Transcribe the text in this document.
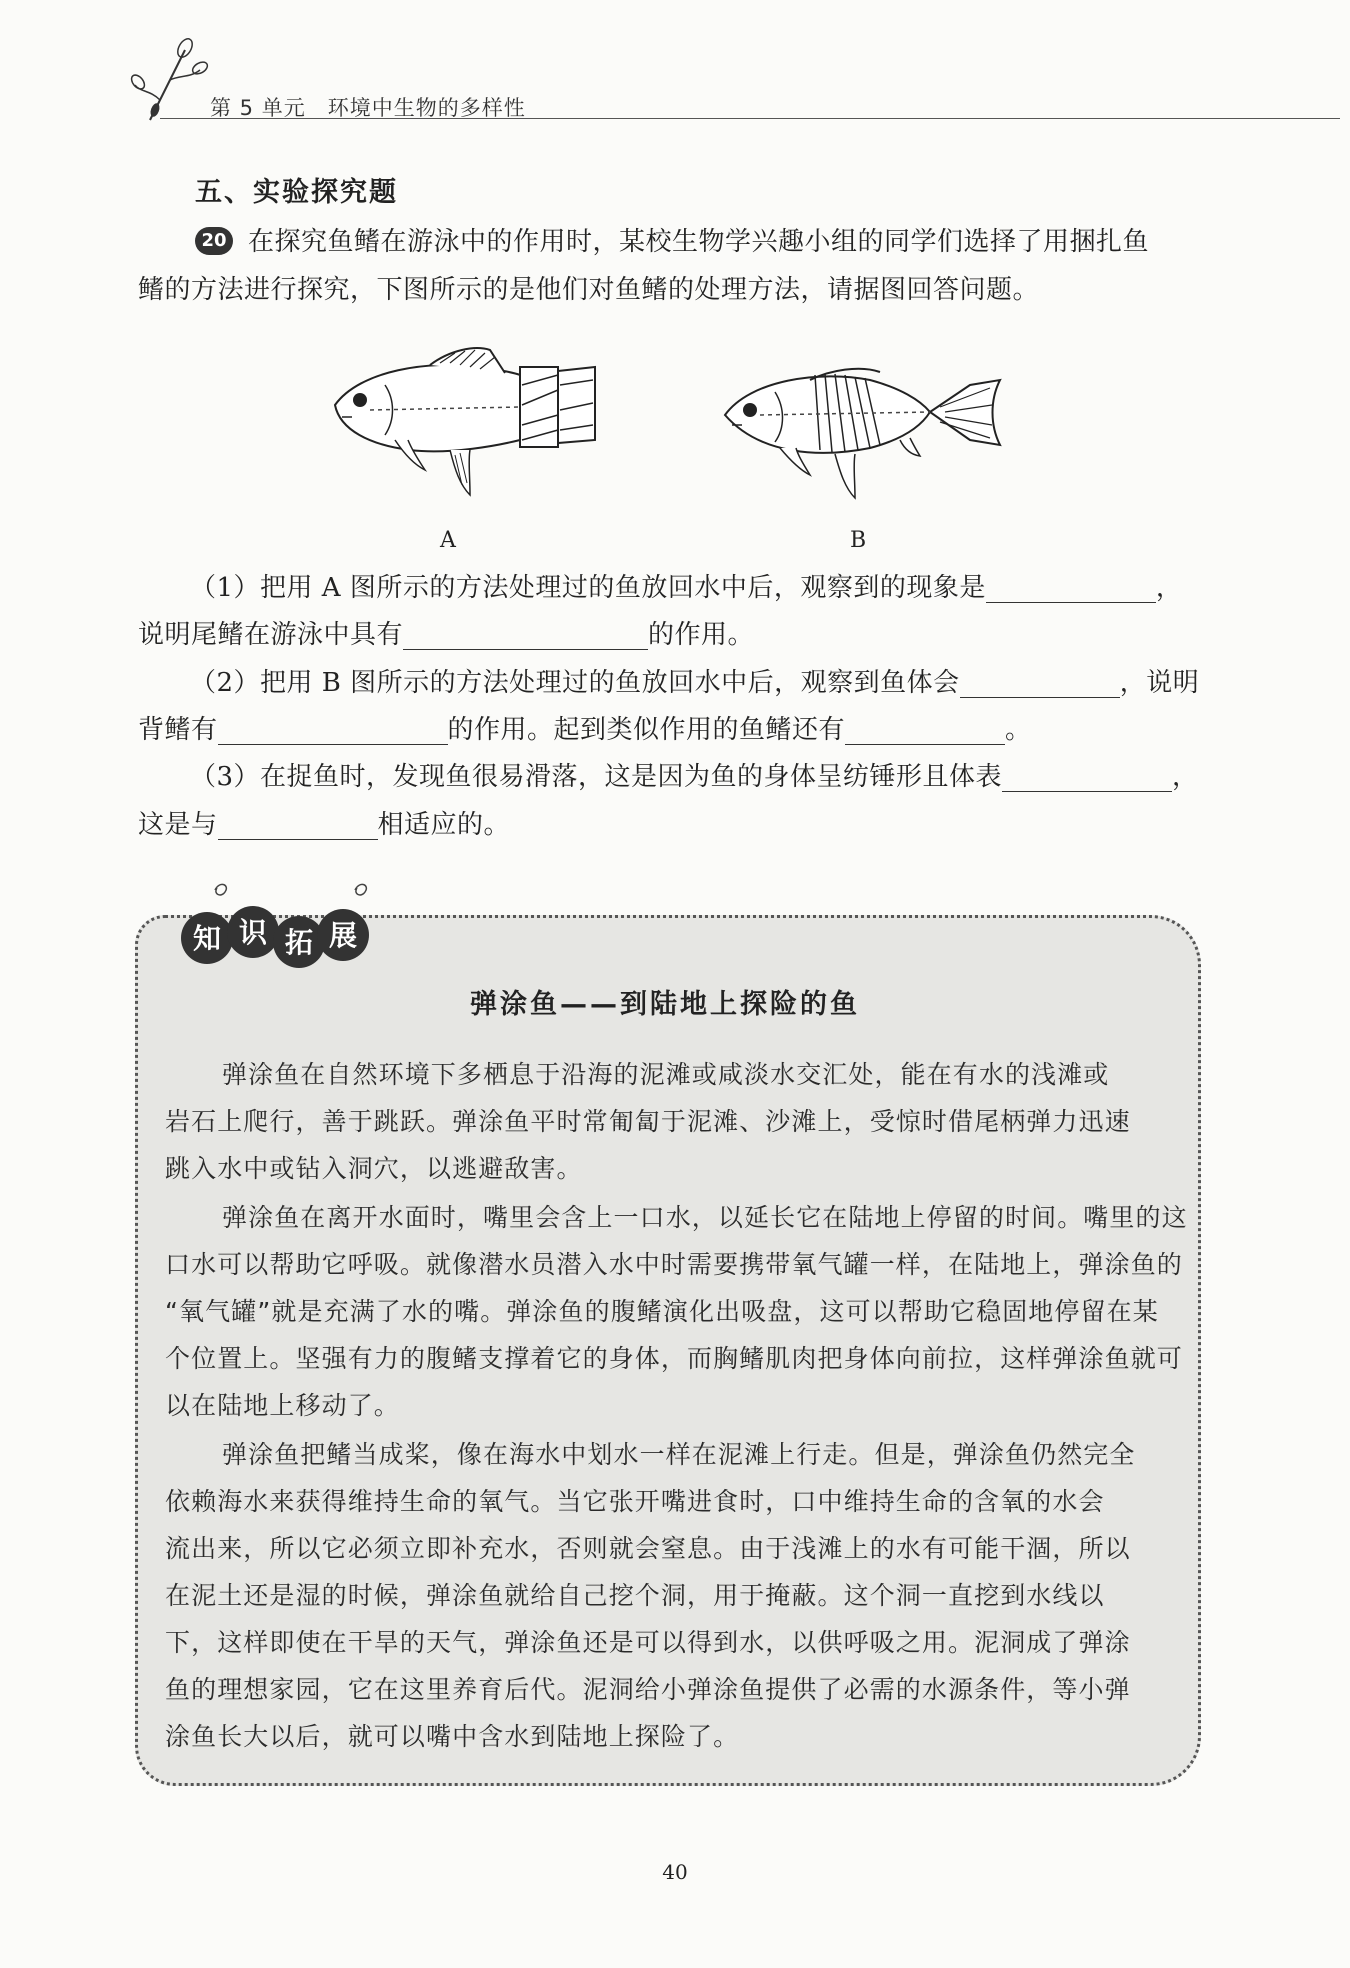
第 5 单元 环境中生物的多样性
五、实验探究题
20 在探究鱼鳍在游泳中的作用时，某校生物学兴趣小组的同学们选择了用捆扎鱼
鳍的方法进行探究，下图所示的是他们对鱼鳍的处理方法，请据图回答问题。
A	B
（1）把用 A 图所示的方法处理过的鱼放回水中后，观察到的现象是	，
说明尾鳍在游泳中具有	的作用。
（2）把用 B 图所示的方法处理过的鱼放回水中后，观察到鱼体会	，说明
背鳍有	的作用。起到类似作用的鱼鳍还有	。
（3）在捉鱼时，发现鱼很易滑落，这是因为鱼的身体呈纺锤形且体表	，
这是与	相适应的。
知 识 拓 展
弹涂鱼——到陆地上探险的鱼
弹涂鱼在自然环境下多栖息于沿海的泥滩或咸淡水交汇处，能在有水的浅滩或
岩石上爬行，善于跳跃。弹涂鱼平时常匍匐于泥滩、沙滩上，受惊时借尾柄弹力迅速
跳入水中或钻入洞穴，以逃避敌害。
弹涂鱼在离开水面时，嘴里会含上一口水，以延长它在陆地上停留的时间。嘴里的这
口水可以帮助它呼吸。就像潜水员潜入水中时需要携带氧气罐一样，在陆地上，弹涂鱼的
“氧气罐”就是充满了水的嘴。弹涂鱼的腹鳍演化出吸盘，这可以帮助它稳固地停留在某
个位置上。坚强有力的腹鳍支撑着它的身体，而胸鳍肌肉把身体向前拉，这样弹涂鱼就可
以在陆地上移动了。
弹涂鱼把鳍当成桨，像在海水中划水一样在泥滩上行走。但是，弹涂鱼仍然完全
依赖海水来获得维持生命的氧气。当它张开嘴进食时，口中维持生命的含氧的水会
流出来，所以它必须立即补充水，否则就会窒息。由于浅滩上的水有可能干涸，所以
在泥土还是湿的时候，弹涂鱼就给自己挖个洞，用于掩蔽。这个洞一直挖到水线以
下，这样即使在干旱的天气，弹涂鱼还是可以得到水，以供呼吸之用。泥洞成了弹涂
鱼的理想家园，它在这里养育后代。泥洞给小弹涂鱼提供了必需的水源条件，等小弹
涂鱼长大以后，就可以嘴中含水到陆地上探险了。
40
